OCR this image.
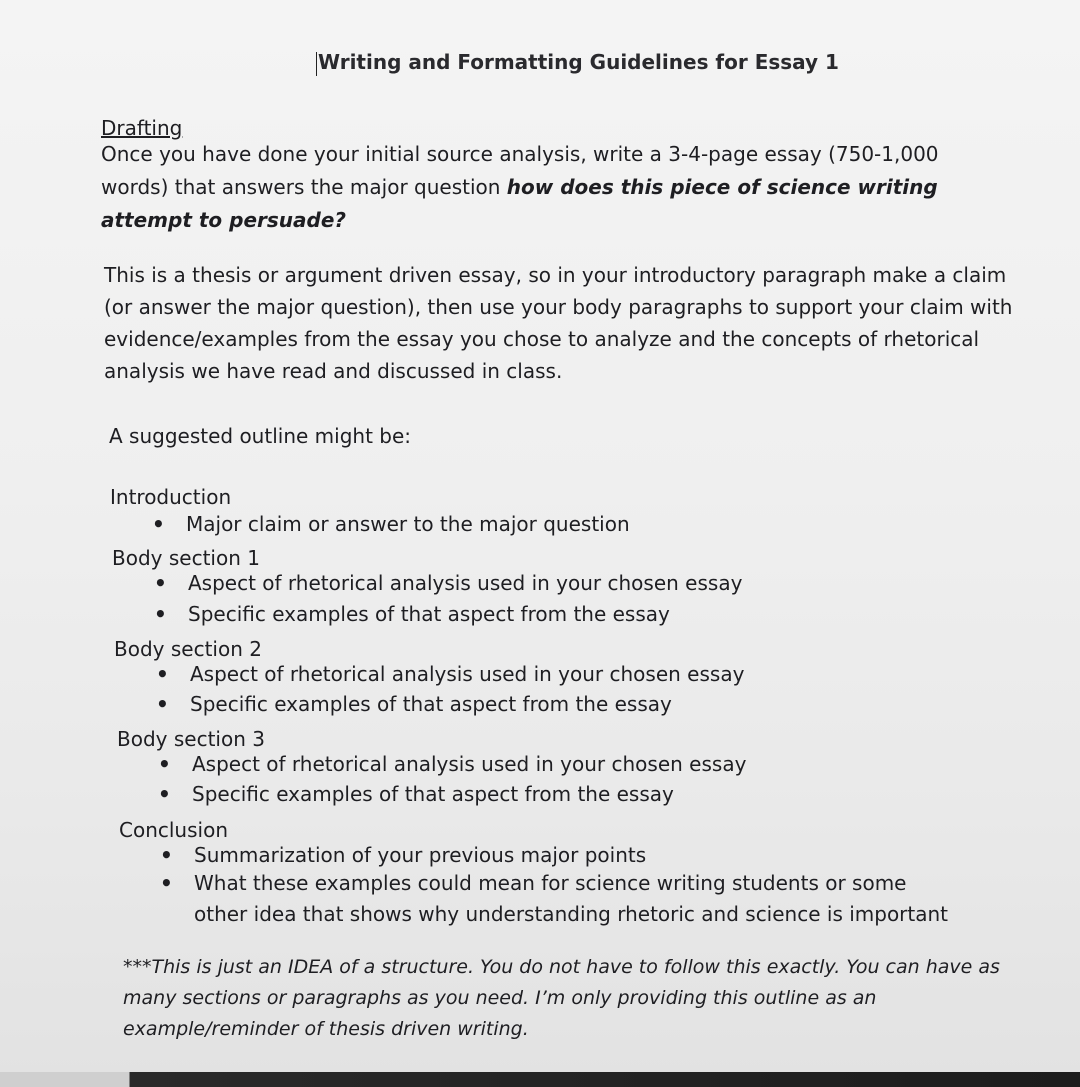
Writing and Formatting Guidelines for Essay 1
Drafting
Once you have done your initial source analysis, write a 3-4-page essay (750-1,000 words) that answers the major question how does this piece of science writing attempt to persuade?
This is a thesis or argument driven essay, so in your introductory paragraph make a claim (or answer the major question), then use your body paragraphs to support your claim with evidence/examples from the essay you chose to analyze and the concepts of rhetorical analysis we have read and discussed in class.
A suggested outline might be:
Introduction
• Major claim or answer to the major question
Body section 1
• Aspect of rhetorical analysis used in your chosen essay
• Specific examples of that aspect from the essay
Body section 2
• Aspect of rhetorical analysis used in your chosen essay
• Specific examples of that aspect from the essay
Body section 3
• Aspect of rhetorical analysis used in your chosen essay
• Specific examples of that aspect from the essay
Conclusion
• Summarization of your previous major points
• What these examples could mean for science writing students or some other idea that shows why understanding rhetoric and science is important
***This is just an IDEA of a structure. You do not have to follow this exactly. You can have as many sections or paragraphs as you need. I’m only providing this outline as an example/reminder of thesis driven writing.
